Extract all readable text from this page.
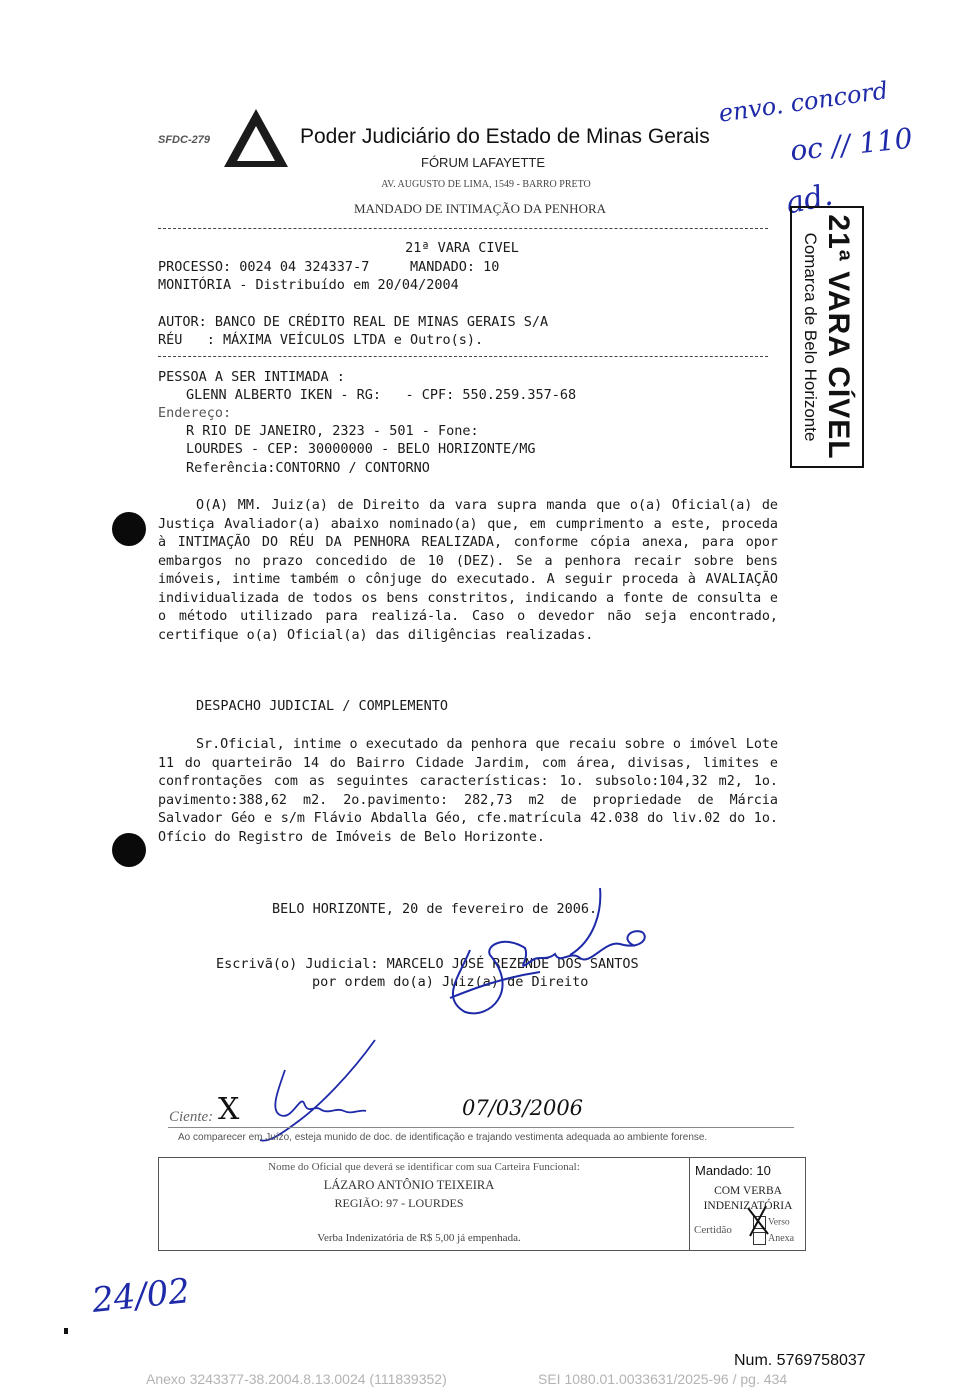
SFDC-279	Poder Judiciário do Estado de Minas Gerais
FÓRUM LAFAYETTE
AV. AUGUSTO DE LIMA, 1549 - BARRO PRETO
MANDADO DE INTIMAÇÃO DA PENHORA
envo. concord
oc // 110
ad.
21ª VARA CÍVEL
Comarca de Belo Horizonte
21ª VARA CIVEL
PROCESSO: 0024 04 324337-7     MANDADO: 10
MONITÓRIA - Distribuído em 20/04/2004
AUTOR: BANCO DE CRÉDITO REAL DE MINAS GERAIS S/A
RÉU   : MÁXIMA VEÍCULOS LTDA e Outro(s).
PESSOA A SER INTIMADA :
GLENN ALBERTO IKEN - RG:   - CPF: 550.259.357-68
Endereço:
R RIO DE JANEIRO, 2323 - 501 - Fone:
LOURDES - CEP: 30000000 - BELO HORIZONTE/MG
Referência:CONTORNO / CONTORNO
O(A) MM. Juiz(a) de Direito da vara supra manda que o(a) Oficial(a) de Justiça Avaliador(a) abaixo nominado(a) que, em cumprimento a este, proceda à INTIMAÇÃO DO RÉU DA PENHORA REALIZADA, conforme cópia anexa, para opor embargos no prazo concedido de 10 (DEZ). Se a penhora recair sobre bens imóveis, intime também o cônjuge do executado. A seguir proceda à AVALIAÇÃO individualizada de todos os bens constritos, indicando a fonte de consulta e o método utilizado para realizá-la. Caso o devedor não seja encontrado, certifique o(a) Oficial(a) das diligências realizadas.
DESPACHO JUDICIAL / COMPLEMENTO
Sr.Oficial, intime o executado da penhora que recaiu sobre o imóvel Lote 11 do quarteirão 14 do Bairro Cidade Jardim, com área, divisas, limites e confrontações com as seguintes características: 1o. subsolo:104,32 m2, 1o. pavimento:388,62 m2. 2o.pavimento: 282,73 m2 de propriedade de Márcia Salvador Géo e s/m Flávio Abdalla Géo, cfe.matrícula 42.038 do liv.02 do 1o. Ofício do Registro de Imóveis de Belo Horizonte.
BELO HORIZONTE, 20 de fevereiro de 2006.
Escrivã(o) Judicial: MARCELO JOSÉ REZENDE DOS SANTOS
por ordem do(a) Juiz(a) de Direito
Ciente: X	07/03/2006
Ao comparecer em Juízo, esteja munido de doc. de identificação e trajando vestimenta adequada ao ambiente forense.
Nome do Oficial que deverá se identificar com sua Carteira Funcional:
LÁZARO ANTÔNIO TEIXEIRA
REGIÃO: 97 - LOURDES
Verba Indenizatória de R$ 5,00 já empenhada.
Mandado: 10
COM VERBA INDENIZATÓRIA
Certidão
Verso
Anexa
24/02
Num. 5769758037
Anexo 3243377-38.2004.8.13.0024 (111839352)	SEI 1080.01.0033631/2025-96 / pg. 434
